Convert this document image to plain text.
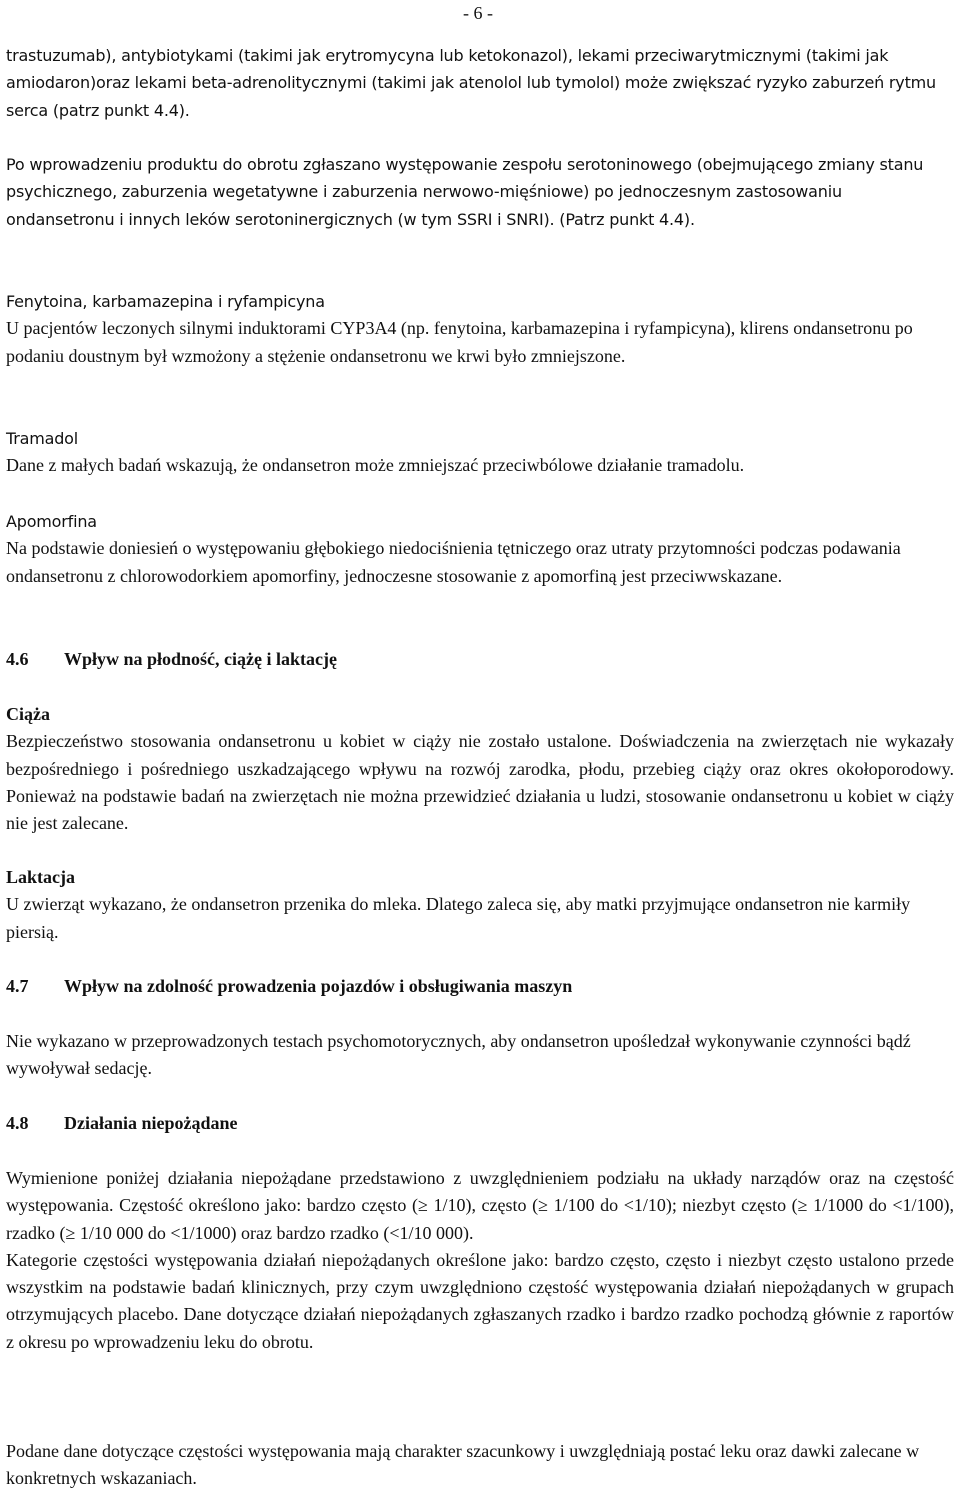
- 6 -

trastuzumab), antybiotykami (takimi jak erytromycyna lub ketokonazol), lekami przeciwarytmicznymi (takimi jak amiodaron)oraz lekami beta-adrenolitycznymi (takimi jak atenolol lub tymolol) może zwiększać ryzyko zaburzeń rytmu serca (patrz punkt 4.4).

Po wprowadzeniu produktu do obrotu zgłaszano występowanie zespołu serotoninowego (obejmującego zmiany stanu psychicznego, zaburzenia wegetatywne i zaburzenia nerwowo-mięśniowe) po jednoczesnym zastosowaniu ondansetronu i innych leków serotoninergicznych (w tym SSRI i SNRI). (Patrz punkt 4.4).

Fenytoina, karbamazepina i ryfampicyna

U pacjentów leczonych silnymi induktorami CYP3A4 (np. fenytoina, karbamazepina i ryfampicyna), klirens ondansetronu po podaniu doustnym był wzmożony a stężenie ondansetronu we krwi było zmniejszone.

Tramadol

Dane z małych badań wskazują, że ondansetron może zmniejszać przeciwbólowe działanie tramadolu.

Apomorfina

Na podstawie doniesień o występowaniu głębokiego niedociśnienia tętniczego oraz utraty przytomności podczas podawania ondansetronu z chlorowodorkiem apomorfiny, jednoczesne stosowanie z apomorfiną jest przeciwwskazane.

4.6 Wpływ na płodność, ciążę i laktację

Ciąża

Bezpieczeństwo stosowania ondansetronu u kobiet w ciąży nie zostało ustalone. Doświadczenia na zwierzętach nie wykazały bezpośredniego i pośredniego uszkadzającego wpływu na rozwój zarodka, płodu, przebieg ciąży oraz okres okołoporodowy. Ponieważ na podstawie badań na zwierzętach nie można przewidzieć działania u ludzi, stosowanie ondansetronu u kobiet w ciąży nie jest zalecane.

Laktacja

U zwierząt wykazano, że ondansetron przenika do mleka. Dlatego zaleca się, aby matki przyjmujące ondansetron nie karmiły piersią.

4.7 Wpływ na zdolność prowadzenia pojazdów i obsługiwania maszyn

Nie wykazano w przeprowadzonych testach psychomotorycznych, aby ondansetron upośledzał wykonywanie czynności bądź wywoływał sedację.

4.8 Działania niepożądane

Wymienione poniżej działania niepożądane przedstawiono z uwzględnieniem podziału na układy narządów oraz na częstość występowania. Częstość określono jako: bardzo często (≥ 1/10), często (≥ 1/100 do <1/10); niezbyt często (≥ 1/1000 do <1/100), rzadko (≥ 1/10 000 do <1/1000) oraz bardzo rzadko (<1/10 000).

Kategorie częstości występowania działań niepożądanych określone jako: bardzo często, często i niezbyt często ustalono przede wszystkim na podstawie badań klinicznych, przy czym uwzględniono częstość występowania działań niepożądanych w grupach otrzymujących placebo. Dane dotyczące działań niepożądanych zgłaszanych rzadko i bardzo rzadko pochodzą głównie z raportów z okresu po wprowadzeniu leku do obrotu.

Podane dane dotyczące częstości występowania mają charakter szacunkowy i uwzględniają postać leku oraz dawki zalecane w konkretnych wskazaniach.
